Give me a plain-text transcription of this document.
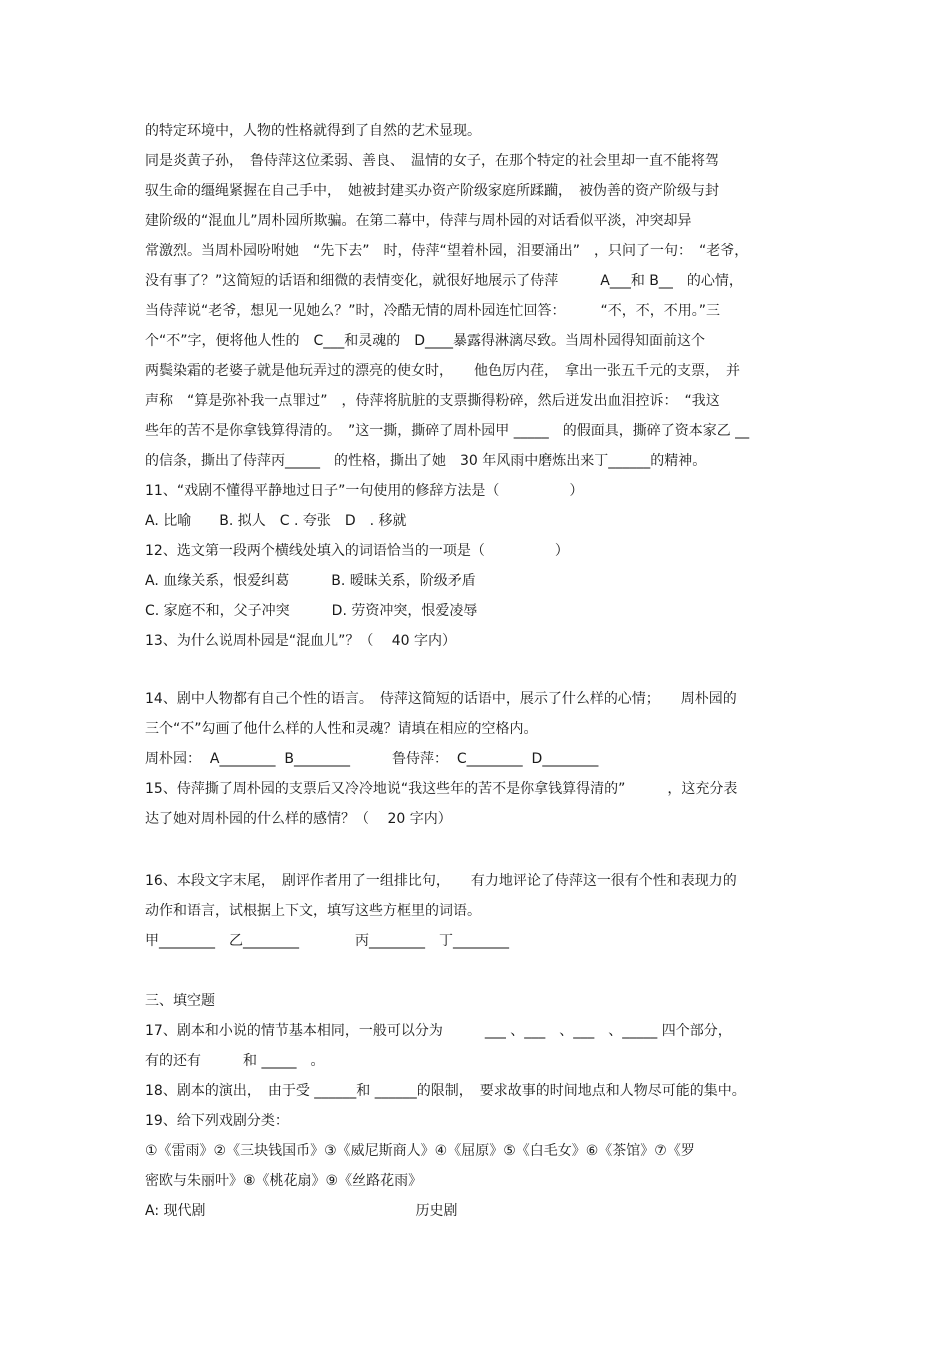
的特定环境中，人物的性格就得到了自然的艺术显现。
同是炎黄子孙，　鲁侍萍这位柔弱、善良、　温情的女子，在那个特定的社会里却一直不能将驾
驭生命的缰绳紧握在自己手中，　她被封建买办资产阶级家庭所蹂躏，　被伪善的资产阶级与封
建阶级的“混血儿”周朴园所欺骗。在第二幕中，侍萍与周朴园的对话看似平淡，冲突却异
常激烈。当周朴园吩咐她　“先下去”　时，侍萍“望着朴园，泪要涌出”　，只问了一句：　“老爷，
没有事了？”这简短的话语和细微的表情变化，就很好地展示了侍萍　　　A___和 B__　的心情，
当侍萍说“老爷，想见一见她么？”时，冷酷无情的周朴园连忙回答：　　　“不，不，不用。”三
个“不”字，便将他人性的　C___和灵魂的　D____暴露得淋漓尽致。当周朴园得知面前这个
两鬓染霜的老婆子就是他玩弄过的漂亮的使女时，　　他色厉内荏，　拿出一张五千元的支票，　并
声称　“算是弥补我一点罪过”　，侍萍将肮脏的支票撕得粉碎，然后迸发出血泪控诉：　“我这
些年的苦不是你拿钱算得清的。　”这一撕，撕碎了周朴园甲 _____　的假面具，撕碎了资本家乙 __
的信条，撕出了侍萍丙_____　的性格，撕出了她　30 年风雨中磨炼出来丁______的精神。
11、“戏剧不懂得平静地过日子”一句使用的修辞方法是（　　　　　）
A. 比喻　　B. 拟人　C . 夸张　D　. 移就
12、选文第一段两个横线处填入的词语恰当的一项是（　　　　　）
A. 血缘关系，恨爱纠葛　　　B. 暧昧关系，阶级矛盾
C. 家庭不和，父子冲突　　　D. 劳资冲突，恨爱凌辱
13、为什么说周朴园是“混血儿”？（　 40 字内）
14、剧中人物都有自己个性的语言。　侍萍这简短的话语中，展示了什么样的心情；　　周朴园的
三个“不”勾画了他什么样的人性和灵魂？请填在相应的空格内。
周朴园：  A________  B________　　　鲁侍萍：  C________  D________
15、侍萍撕了周朴园的支票后又冷冷地说“我这些年的苦不是你拿钱算得清的”　　　，这充分表
达了她对周朴园的什么样的感情？（　 20 字内）
16、本段文字末尾，　剧评作者用了一组排比句，　　有力地评论了侍萍这一很有个性和表现力的
动作和语言，试根据上下文，填写这些方框里的词语。
甲________　乙________　　　　丙________　丁________
三、填空题
17、剧本和小说的情节基本相同，一般可以分为　　　___ 、___　、___　、_____ 四个部分，
有的还有　　　和 _____　。
18、剧本的演出，　由于受 ______和 ______的限制，　要求故事的时间地点和人物尽可能的集中。
19、给下列戏剧分类：
①《雷雨》②《三块钱国币》③《威尼斯商人》④《屈原》⑤《白毛女》⑥《茶馆》⑦《罗
密欧与朱丽叶》⑧《桃花扇》⑨《丝路花雨》
A: 现代剧　　　　　　　　　　　　　　　历史剧
